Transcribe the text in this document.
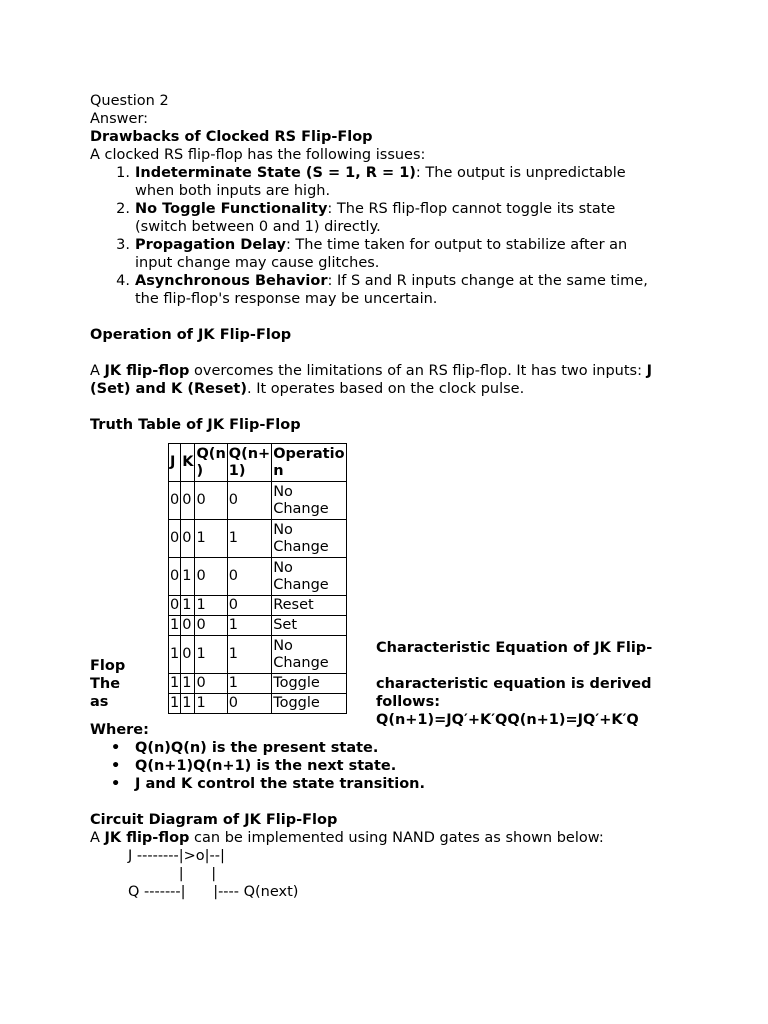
Question 2

Answer:

Drawbacks of Clocked RS Flip-Flop

A clocked RS flip-flop has the following issues:

1. Indeterminate State (S = 1, R = 1): The output is unpredictable
when both inputs are high.
2. No Toggle Functionality: The RS flip-flop cannot toggle its state
(switch between 0 and 1) directly.
3. Propagation Delay: The time taken for output to stabilize after an
input change may cause glitches.
4. Asynchronous Behavior: If S and R inputs change at the same time,
the flip-flop's response may be uncertain.

Operation of JK Flip-Flop

A JK flip-flop overcomes the limitations of an RS flip-flop. It has two inputs: J
(Set) and K (Reset). It operates based on the clock pulse.

Truth Table of JK Flip-Flop

Flop
The
as
J	K	Q(n
)	Q(n+
1)	Operatio
n
0	0	0	0	No
Change
0	0	1	1	No
Change
0	1	0	0	No
Change
0	1	1	0	Reset
1	0	0	1	Set
1	0	1	1	No
Change
1	1	0	1	Toggle
1	1	1	0	Toggle
Characteristic Equation of JK Flip-
characteristic equation is derived
follows:
Q(n+1)=JQ′+K′QQ(n+1)=JQ′+K′Q

Where:

• Q(n)Q(n) is the present state.
• Q(n+1)Q(n+1) is the next state.
• J and K control the state transition.

Circuit Diagram of JK Flip-Flop

A JK flip-flop can be implemented using NAND gates as shown below:

J --------|>o|--|
|      |
Q -------|      |---- Q(next)
